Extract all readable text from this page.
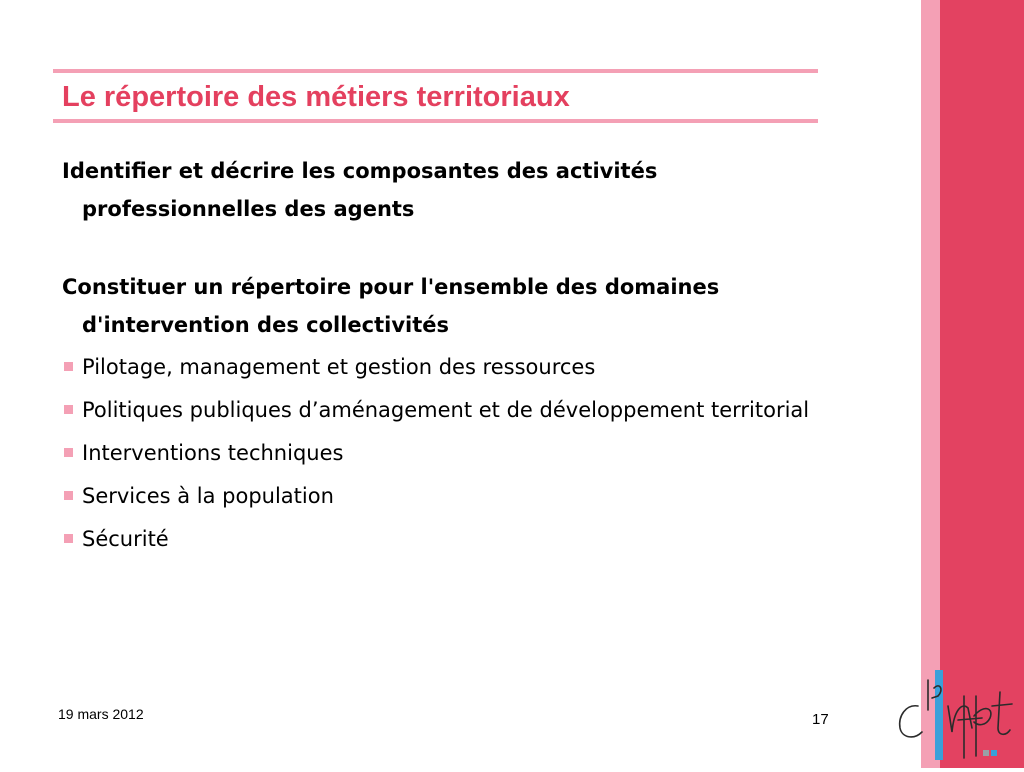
Le répertoire des métiers territoriaux

Identifier et décrire les composantes des activités professionnelles des agents

Constituer un répertoire pour l'ensemble des domaines d'intervention des collectivités

Pilotage, management et gestion des ressources
Politiques publiques d’aménagement et de développement territorial
Interventions techniques
Services à la population
Sécurité
19 mars 2012	17
